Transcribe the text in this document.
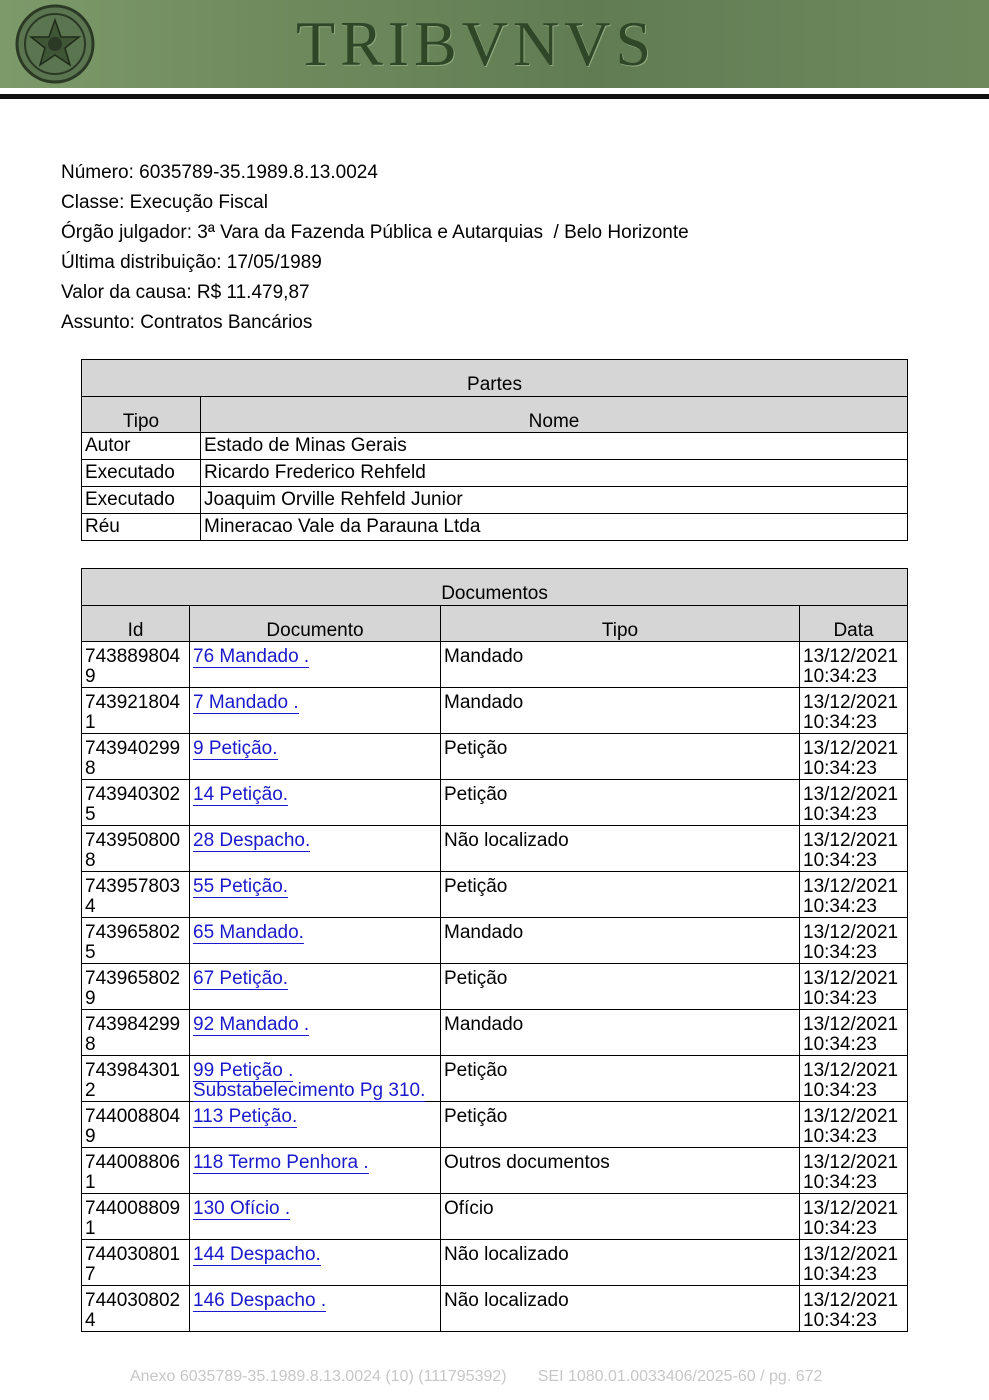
TRIBVNVS
Número: 6035789-35.1989.8.13.0024
Classe: Execução Fiscal
Órgão julgador: 3ª Vara da Fazenda Pública e Autarquias  / Belo Horizonte
Última distribuição: 17/05/1989
Valor da causa: R$ 11.479,87
Assunto: Contratos Bancários
Partes	
Tipo	Nome
Autor	Estado de Minas Gerais
Executado	Ricardo Frederico Rehfeld
Executado	Joaquim Orville Rehfeld Junior
Réu	Mineracao Vale da Parauna Ltda
Documentos			
Id	Documento	Tipo	Data
7438898049	76 Mandado .	Mandado	13/12/2021 10:34:23
7439218041	7 Mandado .	Mandado	13/12/2021 10:34:23
7439402998	9 Petição.	Petição	13/12/2021 10:34:23
7439403025	14 Petição.	Petição	13/12/2021 10:34:23
7439508008	28 Despacho.	Não localizado	13/12/2021 10:34:23
7439578034	55 Petição.	Petição	13/12/2021 10:34:23
7439658025	65 Mandado.	Mandado	13/12/2021 10:34:23
7439658029	67 Petição.	Petição	13/12/2021 10:34:23
7439842998	92 Mandado .	Mandado	13/12/2021 10:34:23
7439843012	99 Petição . Substabelecimento Pg 310.	Petição	13/12/2021 10:34:23
7440088049	113 Petição.	Petição	13/12/2021 10:34:23
7440088061	118 Termo Penhora .	Outros documentos	13/12/2021 10:34:23
7440088091	130 Ofício .	Ofício	13/12/2021 10:34:23
7440308017	144 Despacho.	Não localizado	13/12/2021 10:34:23
7440308024	146 Despacho .	Não localizado	13/12/2021 10:34:23
Anexo 6035789-35.1989.8.13.0024 (10) (111795392)       SEI 1080.01.0033406/2025-60 / pg. 672
